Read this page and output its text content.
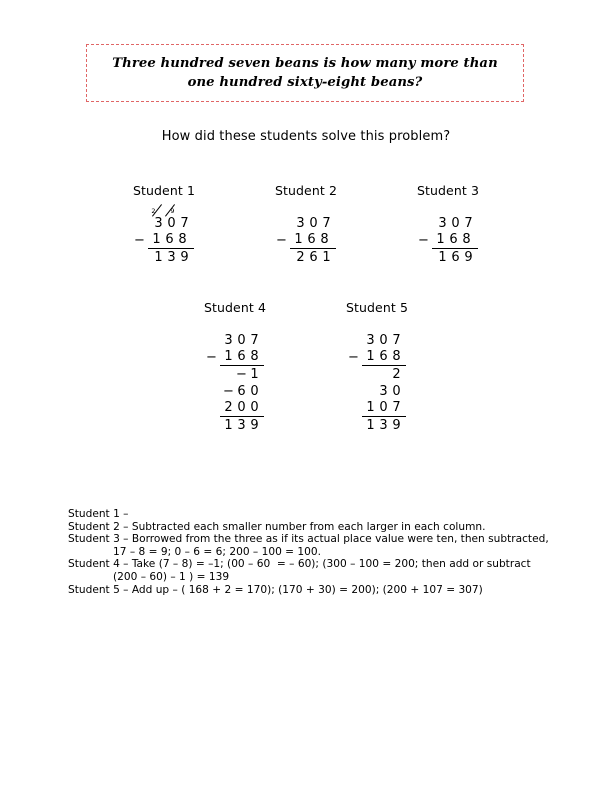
Three hundred seven beans is how many more than
one hundred sixty-eight beans?
How did these students solve this problem?
Student 1
2
3
9
0 7
− 1 6 8
1 3 9
Student 2
3 0 7
− 1 6 8
2 6 1
Student 3
3 0 7
− 1 6 8
1 6 9
Student 4
3 0 7
− 1 6 8
− 1
− 6 0
2 0 0
1 3 9
Student 5
3 0 7
− 1 6 8
2
3 0
1 0 7
1 3 9
Student 1 –
Student 2 – Subtracted each smaller number from each larger in each column.
Student 3 – Borrowed from the three as if its actual place value were ten, then subtracted,
17 – 8 = 9; 0 – 6 = 6; 200 – 100 = 100.
Student 4 – Take (7 – 8) = –1; (00 – 60  = – 60); (300 – 100 = 200; then add or subtract
(200 – 60) – 1 ) = 139
Student 5 – Add up – ( 168 + 2 = 170); (170 + 30) = 200); (200 + 107 = 307)
